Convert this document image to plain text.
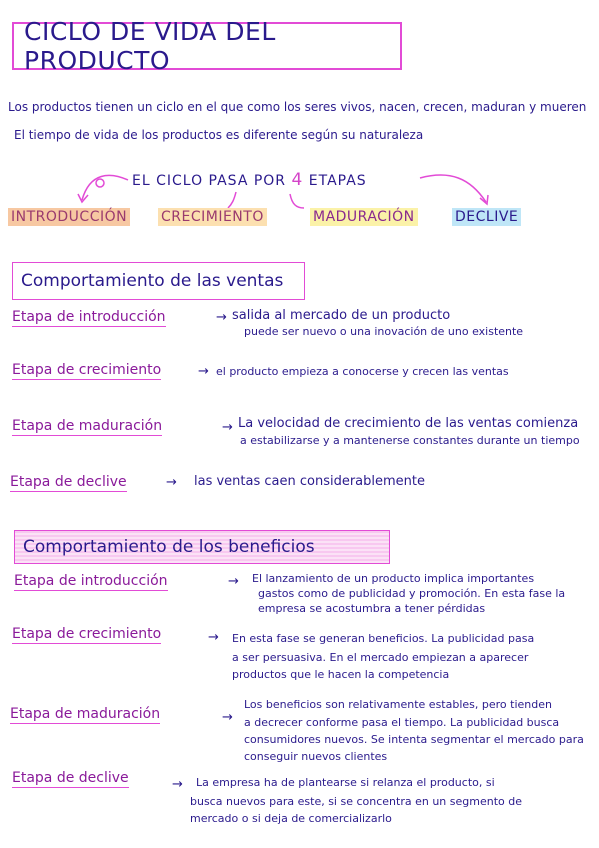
CICLO DE VIDA DEL PRODUCTO
Los productos tienen un ciclo en el que como los seres vivos, nacen, crecen, maduran y mueren
El tiempo de vida de los productos es diferente según su naturaleza
EL CICLO PASA POR 4 ETAPAS
INTRODUCCIÓN CRECIMIENTO	MADURACIÓN	DECLIVE
Comportamiento de las ventas
Etapa de introducción	→ salida al mercado de un producto
puede ser nuevo o una inovación de uno existente
Etapa de crecimiento	→ el producto empieza a conocerse y crecen las ventas
Etapa de maduración	→ La velocidad de crecimiento de las ventas comienza
a estabilizarse y a mantenerse constantes durante un tiempo
Etapa de declive	→ las ventas caen considerablemente
Comportamiento de los beneficios
Etapa de introducción	→ El lanzamiento de un producto implica importantes
gastos como de publicidad y promoción. En esta fase la
empresa se acostumbra a tener pérdidas
Etapa de crecimiento	→ En esta fase se generan beneficios. La publicidad pasa
a ser persuasiva. En el mercado empiezan a aparecer
productos que le hacen la competencia
Etapa de maduración	→
Los beneficios son relativamente estables, pero tienden
a decrecer conforme pasa el tiempo. La publicidad busca
consumidores nuevos. Se intenta segmentar el mercado para
conseguir nuevos clientes
Etapa de declive	→ La empresa ha de plantearse si relanza el producto, si
busca nuevos para este, si se concentra en un segmento de
mercado o si deja de comercializarlo
